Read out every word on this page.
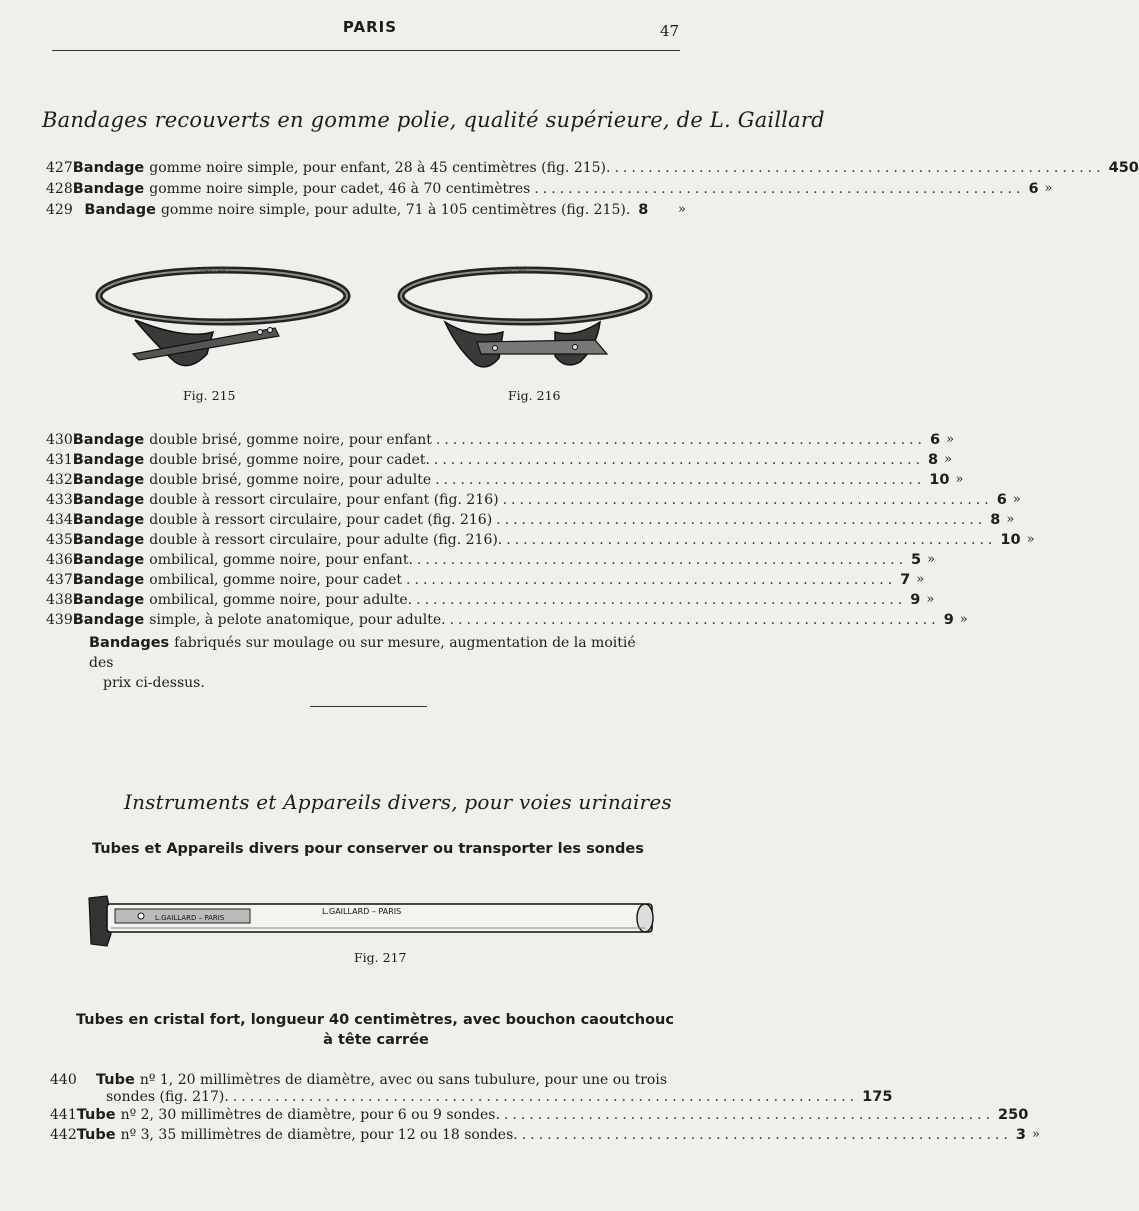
PARIS	47
Bandages recouverts en gomme polie, qualité supérieure, de L. Gaillard
427 Bandage gomme noire simple, pour enfant, 28 à 45 centimètres (fig. 215). .......................................................... 4 50
428 Bandage gomme noire simple, pour cadet, 46 à 70 centimètres .......................................................... 6 »
429 Bandage gomme noire simple, pour adulte, 71 à 105 centimètres (fig. 215). 8	»
L.GAILLARD
Fig. 215
L.GAILLARD
Fig. 216
430 Bandage double brisé, gomme noire, pour enfant .......................................................... 6 »
431 Bandage double brisé, gomme noire, pour cadet. .......................................................... 8 »
432 Bandage double brisé, gomme noire, pour adulte .......................................................... 10 »
433 Bandage double à ressort circulaire, pour enfant (fig. 216) .......................................................... 6 »
434 Bandage double à ressort circulaire, pour cadet (fig. 216) .......................................................... 8 »
435 Bandage double à ressort circulaire, pour adulte (fig. 216). .......................................................... 10 »
436 Bandage ombilical, gomme noire, pour enfant. .......................................................... 5 »
437 Bandage ombilical, gomme noire, pour cadet .......................................................... 7 »
438 Bandage ombilical, gomme noire, pour adulte. .......................................................... 9 »
439 Bandage simple, à pelote anatomique, pour adulte. .......................................................... 9 »
Bandages fabriqués sur moulage ou sur mesure, augmentation de la moitié des
prix ci-dessus.
Instruments et Appareils divers, pour voies urinaires
Tubes et Appareils divers pour conserver ou transporter les sondes
L.GAILLARD – PARIS
L.GAILLARD – PARIS
Fig. 217
Tubes en cristal fort, longueur 40 centimètres, avec bouchon caoutchouc
à tête carrée
440 Tube nº 1, 20 millimètres de diamètre, avec ou sans tubulure, pour une ou trois
sondes (fig. 217). .......................................................................... 1 75
441 Tube nº 2, 30 millimètres de diamètre, pour 6 ou 9 sondes. .......................................................... 2 50
442 Tube nº 3, 35 millimètres de diamètre, pour 12 ou 18 sondes. .......................................................... 3 »
